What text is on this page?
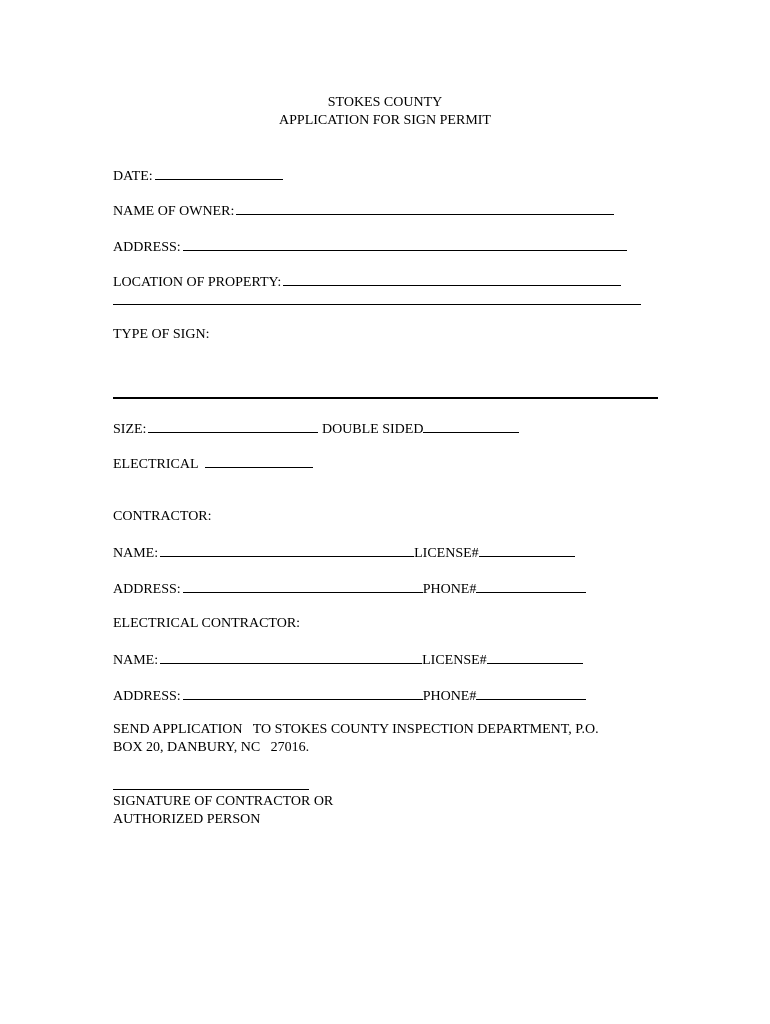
STOKES COUNTY
APPLICATION FOR SIGN PERMIT
DATE:
NAME OF OWNER:
ADDRESS:
LOCATION OF PROPERTY:
TYPE OF SIGN:
SIZE:	DOUBLE SIDED
ELECTRICAL
CONTRACTOR:
NAME:	LICENSE#
ADDRESS:	PHONE#
ELECTRICAL CONTRACTOR:
NAME:	LICENSE#
ADDRESS:	PHONE#
SEND APPLICATION   TO STOKES COUNTY INSPECTION DEPARTMENT, P.O.
BOX 20, DANBURY, NC   27016.
SIGNATURE OF CONTRACTOR OR
AUTHORIZED PERSON
